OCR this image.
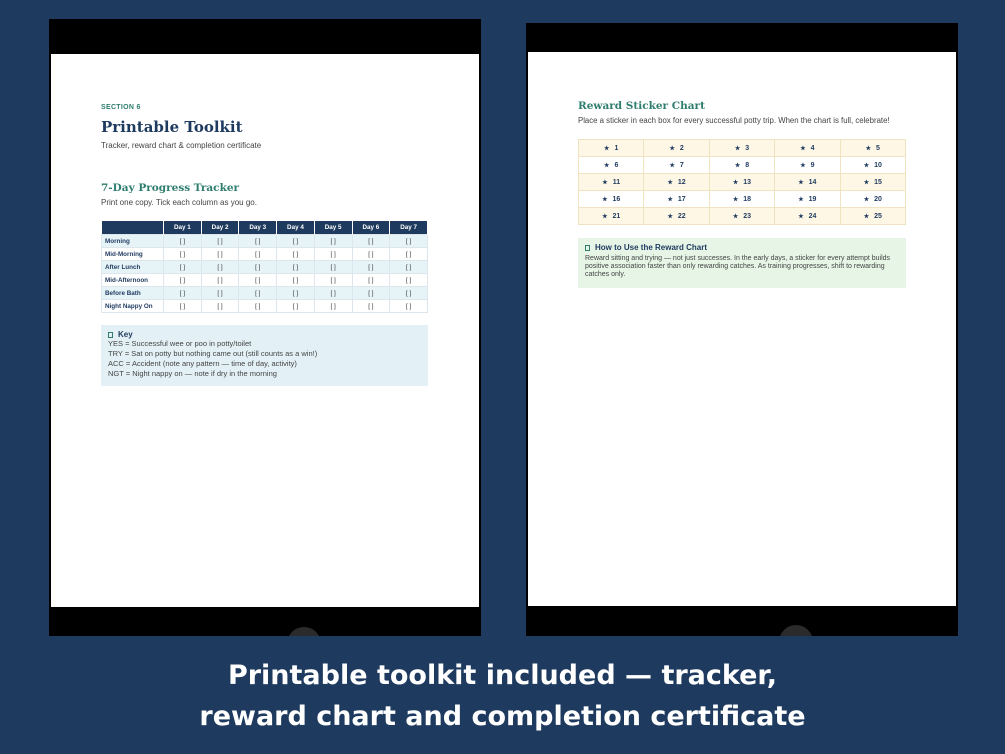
SECTION 6
Printable Toolkit
Tracker, reward chart & completion certificate
7-Day Progress Tracker
Print one copy. Tick each column as you go.
	Day 1	Day 2	Day 3	Day 4	Day 5	Day 6	Day 7
Morning	[ ]	[ ]	[ ]	[ ]	[ ]	[ ]	[ ]
Mid-Morning	[ ]	[ ]	[ ]	[ ]	[ ]	[ ]	[ ]
After Lunch	[ ]	[ ]	[ ]	[ ]	[ ]	[ ]	[ ]
Mid-Afternoon	[ ]	[ ]	[ ]	[ ]	[ ]	[ ]	[ ]
Before Bath	[ ]	[ ]	[ ]	[ ]	[ ]	[ ]	[ ]
Night Nappy On	[ ]	[ ]	[ ]	[ ]	[ ]	[ ]	[ ]
Key
YES = Successful wee or poo in potty/toilet
TRY = Sat on potty but nothing came out (still counts as a win!)
ACC = Accident (note any pattern — time of day, activity)
NGT = Night nappy on — note if dry in the morning
Reward Sticker Chart
Place a sticker in each box for every successful potty trip. When the chart is full, celebrate!
★ 1	★ 2	★ 3	★ 4	★ 5
★ 6	★ 7	★ 8	★ 9	★ 10
★ 11	★ 12	★ 13	★ 14	★ 15
★ 16	★ 17	★ 18	★ 19	★ 20
★ 21	★ 22	★ 23	★ 24	★ 25
How to Use the Reward Chart
Reward sitting and trying — not just successes. In the early days, a sticker for every attempt builds positive association faster than only rewarding catches. As training progresses, shift to rewarding catches only.
Printable toolkit included — tracker,
reward chart and completion certificate
